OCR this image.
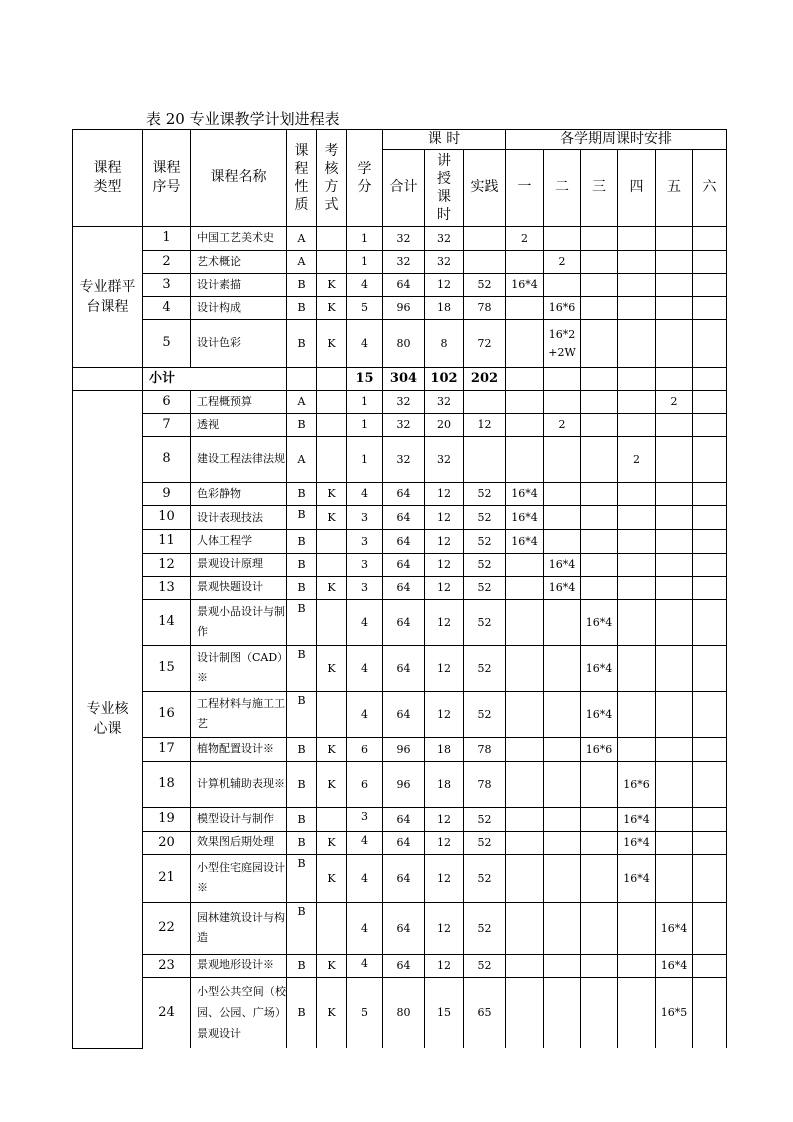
表 20 专业课教学计划进程表
课程类型	课程序号	课程名称	课程性质	考核方式	学分	课 时			各学期周课时安排					
						合计	讲授课时	实践	一	二	三	四	五	六

专业群平台课程	1	中国工艺美术史	A		1	32	32		2					
	2	艺术概论	A		1	32	32			2				
	3	设计素描	B	K	4	64	12	52	16*4					
	4	设计构成	B	K	5	96	18	78		16*6				
	5	设计色彩	B	K	4	80	8	72		16*2+2W				

	小计				15	304	102	202						

专业核心课	6	工程概预算	A		1	32	32						2	
	7	透视	B		1	32	20	12		2				
	8	建设工程法律法规	A		1	32	32					2		
	9	色彩静物	B	K	4	64	12	52	16*4					
	10	设计表现技法	B	K	3	64	12	52	16*4					
	11	人体工程学	B		3	64	12	52	16*4					
	12	景观设计原理	B		3	64	12	52		16*4				
	13	景观快题设计	B	K	3	64	12	52		16*4				
	14	景观小品设计与制作	B		4	64	12	52			16*4			
	15	设计制图（CAD）※	B	K	4	64	12	52			16*4			
	16	工程材料与施工工艺	B		4	64	12	52			16*4			
	17	植物配置设计※	B	K	6	96	18	78			16*6			
	18	计算机辅助表现※	B	K	6	96	18	78				16*6		
	19	模型设计与制作	B		3	64	12	52				16*4		
	20	效果图后期处理	B	K	4	64	12	52				16*4		
	21	小型住宅庭园设计※	B	K	4	64	12	52				16*4		
	22	园林建筑设计与构造	B		4	64	12	52					16*4	
	23	景观地形设计※	B	K	4	64	12	52					16*4	
	24	小型公共空间（校园、公园、广场）景观设计	B	K	5	80	15	65					16*5	
